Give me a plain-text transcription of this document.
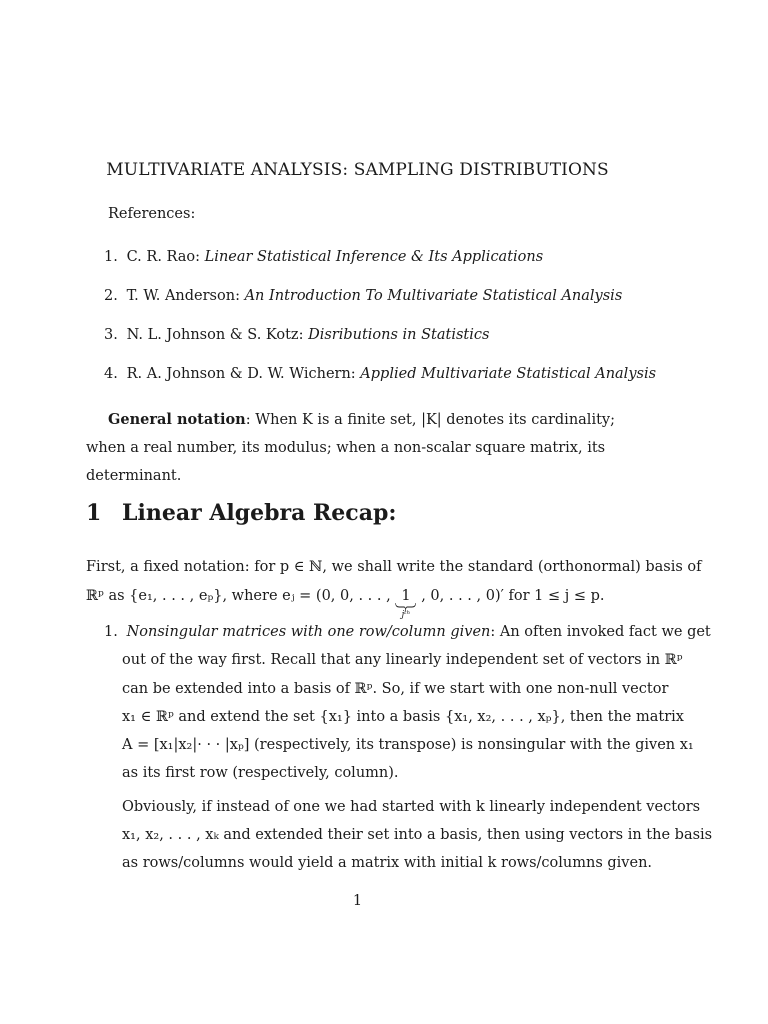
MULTIVARIATE ANALYSIS: SAMPLING DISTRIBUTIONS
References:
1. C. R. Rao: Linear Statistical Inference & Its Applications
2. T. W. Anderson: An Introduction To Multivariate Statistical Analysis
3. N. L. Johnson & S. Kotz: Disributions in Statistics
4. R. A. Johnson & D. W. Wichern: Applied Multivariate Statistical Analysis
General notation: When K is a finite set, |K| denotes its cardinality; when a real number, its modulus; when a non-scalar square matrix, its determinant.
1 Linear Algebra Recap:
First, a fixed notation: for p ∈ ℕ, we shall write the standard (orthonormal) basis of
ℝᵖ as {e₁, . . . , eₚ}, where eⱼ = (0, 0, . . . , 1
jᵗʰ
, 0, . . . , 0)′ for 1 ≤ j ≤ p.
1. Nonsingular matrices with one row/column given: An often invoked fact we get
out of the way first. Recall that any linearly independent set of vectors in ℝᵖ
can be extended into a basis of ℝᵖ. So, if we start with one non-null vector
x₁ ∈ ℝᵖ and extend the set {x₁} into a basis {x₁, x₂, . . . , xₚ}, then the matrix
A = [x₁|x₂|· · · |xₚ] (respectively, its transpose) is nonsingular with the given x₁
as its first row (respectively, column).
Obviously, if instead of one we had started with k linearly independent vectors
x₁, x₂, . . . , xₖ and extended their set into a basis, then using vectors in the basis
as rows/columns would yield a matrix with initial k rows/columns given.
1
